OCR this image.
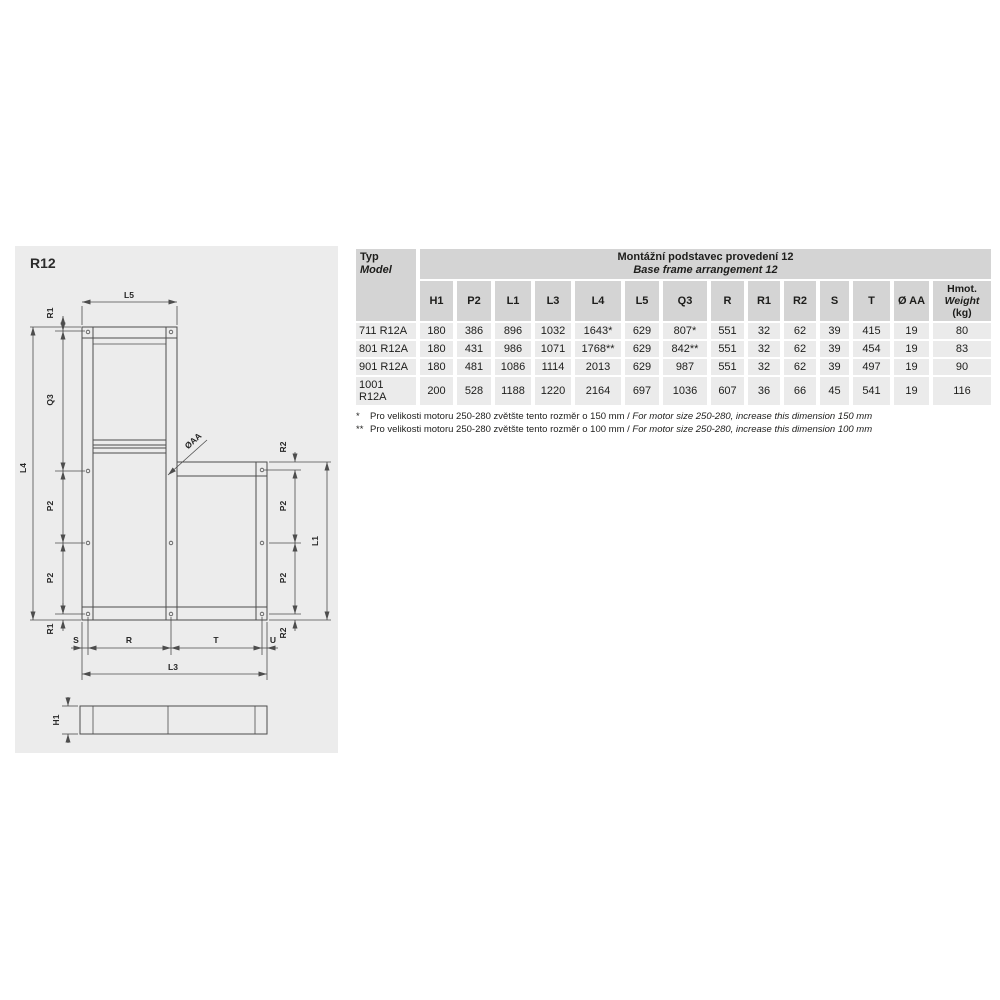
R12
L5
R1
Q3
P2
P2
R1
L4
ØAA	R2
P2
P2
R2
L1
S	R	T	U
L3
H1
Typ
Model

Montážní podstavec provedení 12
Base frame arrangement 12

	H1	P2	L1	L3	L4	L5	Q3	R	R1	R2	S	T	Ø AA	Hmot.
Weight
(kg)

711 R12A	180	386	896	1032	1643*	629	807*	551	32	62	39	415	19	80

801 R12A	180	431	986	1071	1768**	629	842**	551	32	62	39	454	19	83

901 R12A	180	481	1086	1114	2013	629	987	551	32	62	39	497	19	90

1001
R12A	200	528	1188	1220	2164	697	1036	607	36	66	45	541	19	116
*	Pro velikosti motoru 250-280 zvětšte tento rozměr o 150 mm / For motor size 250-280, increase this dimension 150 mm
** Pro velikosti motoru 250-280 zvětšte tento rozměr o 100 mm / For motor size 250-280, increase this dimension 100 mm
